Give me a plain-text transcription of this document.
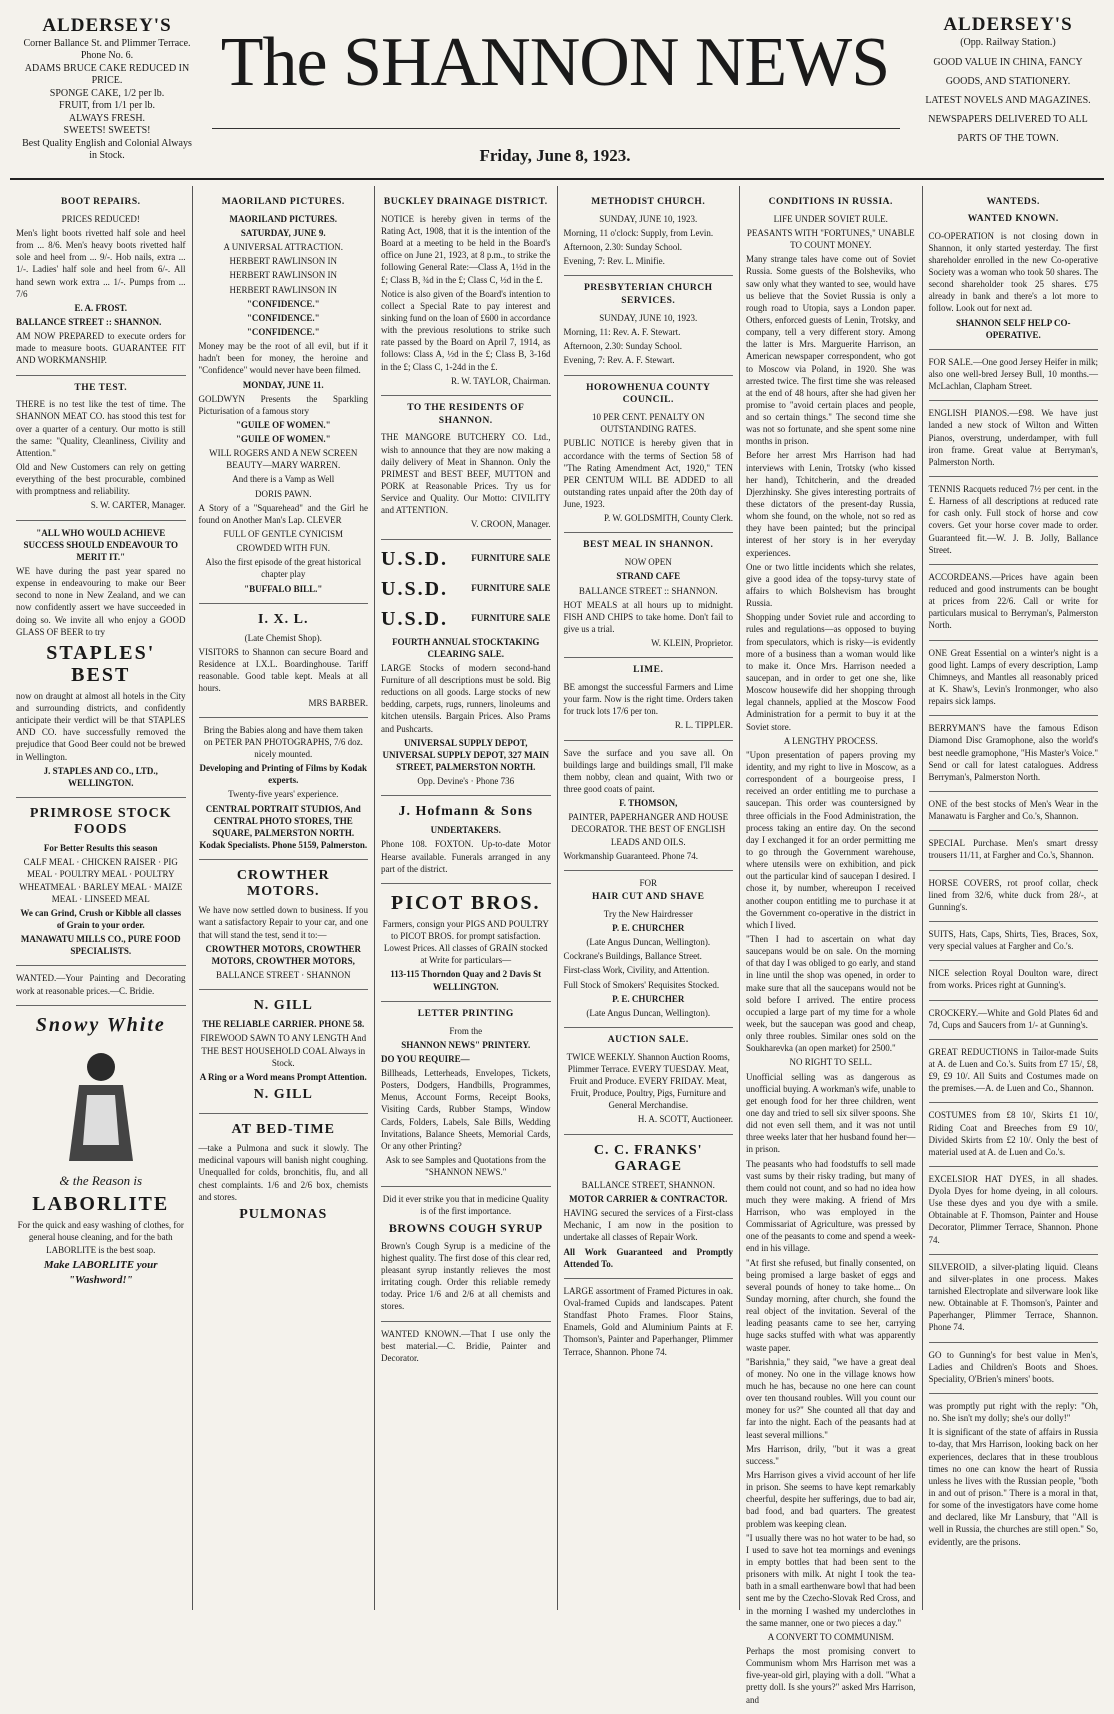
ALDERSEY'S
Corner Ballance St. and Plimmer Terrace.
Phone No. 6.
ADAMS BRUCE CAKE REDUCED IN PRICE.
SPONGE CAKE, 1/2 per lb.
FRUIT, from 1/1 per lb.
ALWAYS FRESH.
SWEETS! SWEETS!
Best Quality English and Colonial Always in Stock.
The SHANNON NEWS
Friday, June 8, 1923.
ALDERSEY'S
(Opp. Railway Station.)
GOOD VALUE IN CHINA, FANCY GOODS, AND STATIONERY.
LATEST NOVELS AND MAGAZINES.
NEWSPAPERS DELIVERED TO ALL PARTS OF THE TOWN.
BOOT REPAIRS.

PRICES REDUCED!

Men's light boots rivetted half sole and heel from ... 8/6. Men's heavy boots rivetted half sole and heel from ... 9/-. Hob nails, extra ... 1/-. Ladies' half sole and heel from 6/-. All hand sewn work extra ... 1/-. Pumps from ... 7/6

E. A. FROST.

BALLANCE STREET :: SHANNON.

AM NOW PREPARED to execute orders for made to measure boots. GUARANTEE FIT AND WORKMANSHIP.

THE TEST.

THERE is no test like the test of time. The SHANNON MEAT CO. has stood this test for over a quarter of a century. Our motto is still the same: "Quality, Cleanliness, Civility and Attention."

Old and New Customers can rely on getting everything of the best procurable, combined with promptness and reliability.

S. W. CARTER, Manager.

"ALL WHO WOULD ACHIEVE SUCCESS SHOULD ENDEAVOUR TO MERIT IT."

WE have during the past year spared no expense in endeavouring to make our Beer second to none in New Zealand, and we can now confidently assert we have succeeded in doing so. We invite all who enjoy a GOOD GLASS OF BEER to try

STAPLES' BEST

now on draught at almost all hotels in the City and surrounding districts, and confidently anticipate their verdict will be that STAPLES AND CO. have successfully removed the prejudice that Good Beer could not be brewed in Wellington.

J. STAPLES AND CO., LTD., WELLINGTON.

PRIMROSE STOCK FOODS

For Better Results this season

CALF MEAL · CHICKEN RAISER · PIG MEAL · POULTRY MEAL · POULTRY WHEATMEAL · BARLEY MEAL · MAIZE MEAL · LINSEED MEAL

We can Grind, Crush or Kibble all classes of Grain to your order.

MANAWATU MILLS CO., PURE FOOD SPECIALISTS.

WANTED.—Your Painting and Decorating work at reasonable prices.—C. Bridie.

Snowy White

& the Reason is

LABORLITE

For the quick and easy washing of clothes, for general house cleaning, and for the bath LABORLITE is the best soap.

Make LABORLITE your "Washword!"

MAORILAND PICTURES.

MAORILAND PICTURES.

SATURDAY, JUNE 9.

A UNIVERSAL ATTRACTION.

HERBERT RAWLINSON IN

HERBERT RAWLINSON IN

HERBERT RAWLINSON IN

"CONFIDENCE."

"CONFIDENCE."

"CONFIDENCE."

Money may be the root of all evil, but if it hadn't been for money, the heroine and "Confidence" would never have been filmed.

MONDAY, JUNE 11.

GOLDWYN Presents the Sparkling Picturisation of a famous story

"GUILE OF WOMEN."

"GUILE OF WOMEN."

WILL ROGERS AND A NEW SCREEN BEAUTY—MARY WARREN.

And there is a Vamp as Well

DORIS PAWN.

A Story of a "Squarehead" and the Girl he found on Another Man's Lap. CLEVER

FULL OF GENTLE CYNICISM

CROWDED WITH FUN.

Also the first episode of the great historical chapter play

"BUFFALO BILL."

I. X. L.

(Late Chemist Shop).

VISITORS to Shannon can secure Board and Residence at I.X.L. Boardinghouse. Tariff reasonable. Good table kept. Meals at all hours.

MRS BARBER.

Bring the Babies along and have them taken on PETER PAN PHOTOGRAPHS, 7/6 doz. nicely mounted.

Developing and Printing of Films by Kodak experts.

Twenty-five years' experience.

CENTRAL PORTRAIT STUDIOS, And CENTRAL PHOTO STORES, THE SQUARE, PALMERSTON NORTH. Kodak Specialists. Phone 5159, Palmerston.

CROWTHER MOTORS.

We have now settled down to business. If you want a satisfactory Repair to your car, and one that will stand the test, send it to:—

CROWTHER MOTORS, CROWTHER MOTORS, CROWTHER MOTORS,

BALLANCE STREET · SHANNON

N. GILL

THE RELIABLE CARRIER. PHONE 58.

FIREWOOD SAWN TO ANY LENGTH And THE BEST HOUSEHOLD COAL Always in Stock.

A Ring or a Word means Prompt Attention.

N. GILL
AT BED-TIME

—take a Pulmona and suck it slowly. The medicinal vapours will banish night coughing. Unequalled for colds, bronchitis, flu, and all chest complaints. 1/6 and 2/6 box, chemists and stores.

PULMONAS
BUCKLEY DRAINAGE DISTRICT.

NOTICE is hereby given in terms of the Rating Act, 1908, that it is the intention of the Board at a meeting to be held in the Board's office on June 21, 1923, at 8 p.m., to strike the following General Rate:—Class A, 1½d in the £; Class B, ¾d in the £; Class C, ½d in the £.

Notice is also given of the Board's intention to collect a Special Rate to pay interest and sinking fund on the loan of £600 in accordance with the previous resolutions to strike such rate passed by the Board on April 7, 1914, as follows: Class A, ½d in the £; Class B, 3-16d in the £; Class C, 1-24d in the £.

R. W. TAYLOR, Chairman.

TO THE RESIDENTS OF SHANNON.

THE MANGORE BUTCHERY CO. Ltd., wish to announce that they are now making a daily delivery of Meat in Shannon. Only the PRIMEST and BEST BEEF, MUTTON and PORK at Reasonable Prices. Try us for Service and Quality. Our Motto: CIVILITY and ATTENTION.

V. CROON, Manager.

U.S.D.	FURNITURE SALE
U.S.D.	FURNITURE SALE
U.S.D.	FURNITURE SALE

FOURTH ANNUAL STOCKTAKING CLEARING SALE.

LARGE Stocks of modern second-hand Furniture of all descriptions must be sold. Big reductions on all goods. Large stocks of new bedding, carpets, rugs, runners, linoleums and kitchen utensils. Bargain Prices. Also Prams and Pushcarts.

UNIVERSAL SUPPLY DEPOT, UNIVERSAL SUPPLY DEPOT, 327 MAIN STREET, PALMERSTON NORTH.

Opp. Devine's · Phone 736

J. Hofmann & Sons

UNDERTAKERS.

Phone 108. FOXTON. Up-to-date Motor Hearse available. Funerals arranged in any part of the district.

PICOT BROS.

Farmers, consign your PIGS AND POULTRY to PICOT BROS. for prompt satisfaction. Lowest Prices. All classes of GRAIN stocked at Write for particulars—

113-115 Thorndon Quay and 2 Davis St WELLINGTON.

LETTER PRINTING

From the

SHANNON NEWS" PRINTERY.

DO YOU REQUIRE—

Billheads, Letterheads, Envelopes, Tickets, Posters, Dodgers, Handbills, Programmes, Menus, Account Forms, Receipt Books, Visiting Cards, Rubber Stamps, Window Cards, Folders, Labels, Sale Bills, Wedding Invitations, Balance Sheets, Memorial Cards, Or any other Printing?

Ask to see Samples and Quotations from the "SHANNON NEWS."

Did it ever strike you that in medicine Quality is of the first importance.

BROWNS COUGH SYRUP

Brown's Cough Syrup is a medicine of the highest quality. The first dose of this clear red, pleasant syrup instantly relieves the most irritating cough. Order this reliable remedy today. Price 1/6 and 2/6 at all chemists and stores.

WANTED KNOWN.—That I use only the best material.—C. Bridie, Painter and Decorator.

METHODIST CHURCH.

SUNDAY, JUNE 10, 1923.

Morning, 11 o'clock: Supply, from Levin.

Afternoon, 2.30: Sunday School.

Evening, 7: Rev. L. Minifie.

PRESBYTERIAN CHURCH SERVICES.

SUNDAY, JUNE 10, 1923.

Morning, 11: Rev. A. F. Stewart.

Afternoon, 2.30: Sunday School.

Evening, 7: Rev. A. F. Stewart.

HOROWHENUA COUNTY COUNCIL.

10 PER CENT. PENALTY ON OUTSTANDING RATES.

PUBLIC NOTICE is hereby given that in accordance with the terms of Section 58 of "The Rating Amendment Act, 1920," TEN PER CENTUM WILL BE ADDED to all outstanding rates unpaid after the 20th day of June, 1923.

P. W. GOLDSMITH, County Clerk.

BEST MEAL IN SHANNON.

NOW OPEN

STRAND CAFE

BALLANCE STREET :: SHANNON.

HOT MEALS at all hours up to midnight. FISH AND CHIPS to take home. Don't fail to give us a trial.

W. KLEIN, Proprietor.

LIME.

BE amongst the successful Farmers and Lime your farm. Now is the right time. Orders taken for truck lots 17/6 per ton.

R. L. TIPPLER.

Save the surface and you save all. On buildings large and buildings small, I'll make them nobby, clean and quaint, With two or three good coats of paint.

F. THOMSON,

PAINTER, PAPERHANGER AND HOUSE DECORATOR. THE BEST OF ENGLISH LEADS AND OILS.

Workmanship Guaranteed. Phone 74.

FOR

HAIR CUT AND SHAVE

Try the New Hairdresser

P. E. CHURCHER

(Late Angus Duncan, Wellington).

Cockrane's Buildings, Ballance Street.

First-class Work, Civility, and Attention.

Full Stock of Smokers' Requisites Stocked.

P. E. CHURCHER

(Late Angus Duncan, Wellington).

AUCTION SALE.

TWICE WEEKLY. Shannon Auction Rooms, Plimmer Terrace. EVERY TUESDAY. Meat, Fruit and Produce. EVERY FRIDAY. Meat, Fruit, Produce, Poultry, Pigs, Furniture and General Merchandise.

H. A. SCOTT, Auctioneer.

C. C. FRANKS' GARAGE

BALLANCE STREET, SHANNON.

MOTOR CARRIER & CONTRACTOR.

HAVING secured the services of a First-class Mechanic, I am now in the position to undertake all classes of Repair Work.

All Work Guaranteed and Promptly Attended To.

LARGE assortment of Framed Pictures in oak. Oval-framed Cupids and landscapes. Patent Standfast Photo Frames. Floor Stains, Enamels, Gold and Aluminium Paints at F. Thomson's, Painter and Paperhanger, Plimmer Terrace, Shannon. Phone 74.

CONDITIONS IN RUSSIA.

LIFE UNDER SOVIET RULE.

PEASANTS WITH "FORTUNES," UNABLE TO COUNT MONEY.

Many strange tales have come out of Soviet Russia. Some guests of the Bolsheviks, who saw only what they wanted to see, would have us believe that the Soviet Russia is only a rough road to Utopia, says a London paper. Others, enforced guests of Lenin, Trotsky, and company, tell a very different story. Among the latter is Mrs. Marguerite Harrison, an American newspaper correspondent, who got to Moscow via Poland, in 1920. She was arrested twice. The first time she was released at the end of 48 hours, after she had given her promise to "avoid certain places and people, and so certain things." The second time she was not so fortunate, and she spent some nine months in prison.

Before her arrest Mrs Harrison had had interviews with Lenin, Trotsky (who kissed her hand), Tchitcherin, and the dreaded Djerzhinsky. She gives interesting portraits of these dictators of the present-day Russia, whom she found, on the whole, not so red as they have been painted; but the principal interest of her story is in her everyday experiences.

One or two little incidents which she relates, give a good idea of the topsy-turvy state of affairs to which Bolshevism has brought Russia.

Shopping under Soviet rule and according to rules and regulations—as opposed to buying from speculators, which is risky—is evidently more of a business than a woman would like to make it. Once Mrs. Harrison needed a saucepan, and in order to get one she, like Moscow housewife did her shopping through legal channels, applied at the Moscow Food Administration for a permit to buy it at the Soviet store.

A LENGTHY PROCESS.

"Upon presentation of papers proving my identity, and my right to live in Moscow, as a correspondent of a bourgeoise press, I received an order entitling me to purchase a saucepan. This order was countersigned by three officials in the Food Administration, the process taking an entire day. On the second day I exchanged it for an order permitting me to go through the Government warehouse, where utensils were on exhibition, and pick out the particular kind of saucepan I desired. I chose it, by number, whereupon I received another coupon entitling me to purchase it at the Government co-operative in the district in which I lived.

"Then I had to ascertain on what day saucepans would be on sale. On the morning of that day I was obliged to go early, and stand in line until the shop was opened, in order to make sure that all the saucepans would not be sold before I arrived. The entire process occupied a large part of my time for a whole week, but the saucepan was good and cheap, only three roubles. Similar ones sold on the Soukharevka (an open market) for 2500."

NO RIGHT TO SELL.

Unofficial selling was as dangerous as unofficial buying. A workman's wife, unable to get enough food for her three children, went one day and tried to sell six silver spoons. She did not even sell them, and it was not until three weeks later that her husband found her—in prison.

The peasants who had foodstuffs to sell made vast sums by their risky trading, but many of them could not count, and so had no idea how much they were making. A friend of Mrs Harrison, who was employed in the Commissariat of Agriculture, was pressed by one of the peasants to come and spend a week-end in his village.

"At first she refused, but finally consented, on being promised a large basket of eggs and several pounds of honey to take home... On Sunday morning, after church, she found the real object of the invitation. Several of the leading peasants came to see her, carrying huge sacks stuffed with what was apparently waste paper.

"Barishnia," they said, "we have a great deal of money. No one in the village knows how much he has, because no one here can count over ten thousand roubles. Will you count our money for us?" She counted all that day and far into the night. Each of the peasants had at least several millions."

Mrs Harrison, drily, "but it was a great success."

Mrs Harrison gives a vivid account of her life in prison. She seems to have kept remarkably cheerful, despite her sufferings, due to bad air, bad food, and bad quarters. The greatest problem was keeping clean.

"I usually there was no hot water to be had, so I used to save hot tea mornings and evenings in empty bottles that had been sent to the prisoners with milk. At night I took the tea-bath in a small earthenware bowl that had been sent me by the Czecho-Slovak Red Cross, and in the morning I washed my underclothes in the same manner, one or two pieces a day."

A CONVERT TO COMMUNISM.

Perhaps the most promising convert to Communism whom Mrs Harrison met was a five-year-old girl, playing with a doll. "What a pretty doll. Is she yours?" asked Mrs Harrison, and

WANTEDS.
WANTED KNOWN.

CO-OPERATION is not closing down in Shannon, it only started yesterday. The first shareholder enrolled in the new Co-operative Society was a woman who took 50 shares. The second shareholder took 25 shares. £75 already in bank and there's a lot more to follow. Look out for next ad.

SHANNON SELF HELP CO-OPERATIVE.

FOR SALE.—One good Jersey Heifer in milk; also one well-bred Jersey Bull, 10 months.—McLachlan, Clapham Street.

ENGLISH PIANOS.—£98. We have just landed a new stock of Wilton and Witten Pianos, overstrung, underdamper, with full iron frame. Great value at Berryman's, Palmerston North.

TENNIS Racquets reduced 7½ per cent. in the £. Harness of all descriptions at reduced rate for cash only. Full stock of horse and cow covers. Get your horse cover made to order. Guaranteed fit.—W. J. B. Jolly, Ballance Street.

ACCORDEANS.—Prices have again been reduced and good instruments can be bought at prices from 22/6. Call or write for particulars musical to Berryman's, Palmerston North.

ONE Great Essential on a winter's night is a good light. Lamps of every description, Lamp Chimneys, and Mantles all reasonably priced at K. Shaw's, Levin's Ironmonger, who also repairs sick lamps.

BERRYMAN'S have the famous Edison Diamond Disc Gramophone, also the world's best needle gramophone, "His Master's Voice." Send or call for latest catalogues. Address Berryman's, Palmerston North.

ONE of the best stocks of Men's Wear in the Manawatu is Fargher and Co.'s, Shannon.

SPECIAL Purchase. Men's smart dressy trousers 11/11, at Fargher and Co.'s, Shannon.

HORSE COVERS, rot proof collar, check lined from 32/6, white duck from 28/-, at Gunning's.

SUITS, Hats, Caps, Shirts, Ties, Braces, Sox, very special values at Fargher and Co.'s.

NICE selection Royal Doulton ware, direct from works. Prices right at Gunning's.

CROCKERY.—White and Gold Plates 6d and 7d, Cups and Saucers from 1/- at Gunning's.

GREAT REDUCTIONS in Tailor-made Suits at A. de Luen and Co.'s. Suits from £7 15/, £8, £9, £9 10/. All Suits and Costumes made on the premises.—A. de Luen and Co., Shannon.

COSTUMES from £8 10/, Skirts £1 10/, Riding Coat and Breeches from £9 10/, Divided Skirts from £2 10/. Only the best of material used at A. de Luen and Co.'s.

EXCELSIOR HAT DYES, in all shades. Dyola Dyes for home dyeing, in all colours. Use these dyes and you dye with a smile. Obtainable at F. Thomson, Painter and House Decorator, Plimmer Terrace, Shannon. Phone 74.

SILVEROID, a silver-plating liquid. Cleans and silver-plates in one process. Makes tarnished Electroplate and silverware look like new. Obtainable at F. Thomson's, Painter and Paperhanger, Plimmer Terrace, Shannon. Phone 74.

GO to Gunning's for best value in Men's, Ladies and Children's Boots and Shoes. Speciality, O'Brien's miners' boots.

was promptly put right with the reply: "Oh, no. She isn't my dolly; she's our dolly!"

It is significant of the state of affairs in Russia to-day, that Mrs Harrison, looking back on her experiences, declares that in these troublous times no one can know the heart of Russia unless he lives with the Russian people, "both in and out of prison." There is a moral in that, for some of the investigators have come home and declared, like Mr Lansbury, that "All is well in Russia, the churches are still open." So, evidently, are the prisons.
